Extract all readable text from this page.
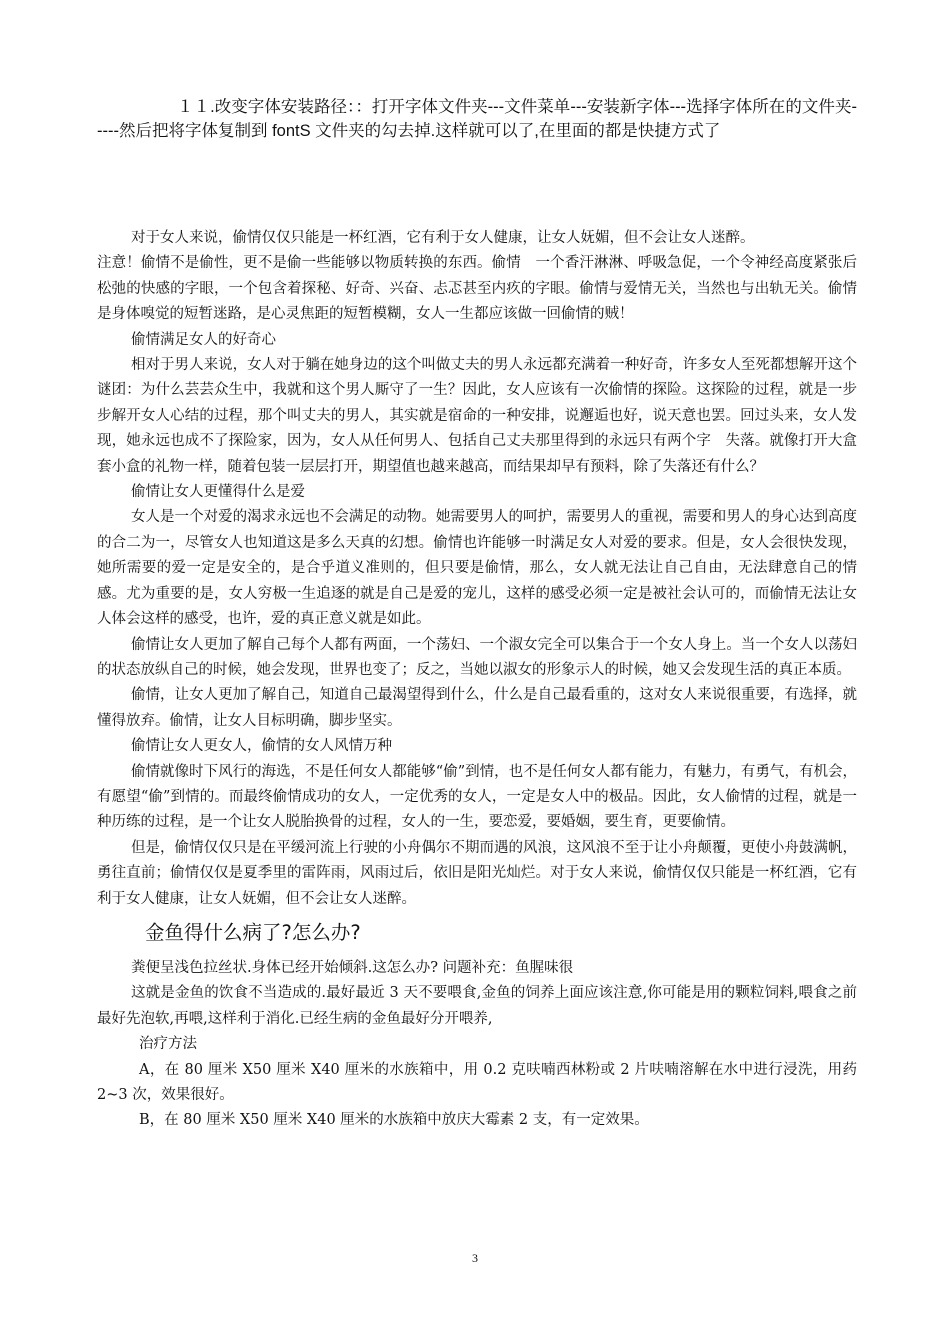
１１.改变字体安装路径：：打开字体文件夹---文件菜单---安装新字体---选择字体所在的文件夹-----然后把将字体复制到 fontS 文件夹的勾去掉.这样就可以了,在里面的都是快捷方式了

对于女人来说，偷情仅仅只能是一杯红酒，它有利于女人健康，让女人妩媚，但不会让女人迷醉。

注意！偷情不是偷性，更不是偷一些能够以物质转换的东西。偷情　一个香汗淋淋、呼吸急促，一个令神经高度紧张后松弛的快感的字眼，一个包含着探秘、好奇、兴奋、忐忑甚至内疚的字眼。偷情与爱情无关，当然也与出轨无关。偷情是身体嗅觉的短暂迷路，是心灵焦距的短暂模糊，女人一生都应该做一回偷情的贼！

偷情满足女人的好奇心

相对于男人来说，女人对于躺在她身边的这个叫做丈夫的男人永远都充满着一种好奇，许多女人至死都想解开这个谜团：为什么芸芸众生中，我就和这个男人厮守了一生？因此，女人应该有一次偷情的探险。这探险的过程，就是一步步解开女人心结的过程，那个叫丈夫的男人，其实就是宿命的一种安排，说邂逅也好，说天意也罢。回过头来，女人发现，她永远也成不了探险家，因为，女人从任何男人、包括自己丈夫那里得到的永远只有两个字　失落。就像打开大盒套小盒的礼物一样，随着包装一层层打开，期望值也越来越高，而结果却早有预料，除了失落还有什么？

偷情让女人更懂得什么是爱

女人是一个对爱的渴求永远也不会满足的动物。她需要男人的呵护，需要男人的重视，需要和男人的身心达到高度的合二为一，尽管女人也知道这是多么天真的幻想。偷情也许能够一时满足女人对爱的要求。但是，女人会很快发现，她所需要的爱一定是安全的，是合乎道义准则的，但只要是偷情，那么，女人就无法让自己自由，无法肆意自己的情感。尤为重要的是，女人穷极一生追逐的就是自己是爱的宠儿，这样的感受必须一定是被社会认可的，而偷情无法让女人体会这样的感受，也许，爱的真正意义就是如此。

偷情让女人更加了解自己每个人都有两面，一个荡妇、一个淑女完全可以集合于一个女人身上。当一个女人以荡妇的状态放纵自己的时候，她会发现，世界也变了；反之，当她以淑女的形象示人的时候，她又会发现生活的真正本质。

偷情，让女人更加了解自己，知道自己最渴望得到什么，什么是自己最看重的，这对女人来说很重要，有选择，就懂得放弃。偷情，让女人目标明确，脚步坚实。

偷情让女人更女人，偷情的女人风情万种

偷情就像时下风行的海选，不是任何女人都能够“偷”到情，也不是任何女人都有能力，有魅力，有勇气，有机会，有愿望“偷”到情的。而最终偷情成功的女人，一定优秀的女人，一定是女人中的极品。因此，女人偷情的过程，就是一种历练的过程，是一个让女人脱胎换骨的过程，女人的一生，要恋爱，要婚姻，要生育，更要偷情。

但是，偷情仅仅只是在平缓河流上行驶的小舟偶尔不期而遇的风浪，这风浪不至于让小舟颠覆，更使小舟鼓满帆，勇往直前；偷情仅仅是夏季里的雷阵雨，风雨过后，依旧是阳光灿烂。对于女人来说，偷情仅仅只能是一杯红酒，它有利于女人健康，让女人妩媚，但不会让女人迷醉。

金鱼得什么病了?怎么办?

粪便呈浅色拉丝状.身体已经开始倾斜.这怎么办? 问题补充：鱼腥味很

这就是金鱼的饮食不当造成的.最好最近 3 天不要喂食,金鱼的饲养上面应该注意,你可能是用的颗粒饲料,喂食之前最好先泡软,再喂,这样利于消化.已经生病的金鱼最好分开喂养,

治疗方法

A，在 80 厘米 X50 厘米 X40 厘米的水族箱中，用 0.2 克呋喃西林粉或 2 片呋喃溶解在水中进行浸洗，用药 2~3 次，效果很好。

B，在 80 厘米 X50 厘米 X40 厘米的水族箱中放庆大霉素 2 支，有一定效果。

3
